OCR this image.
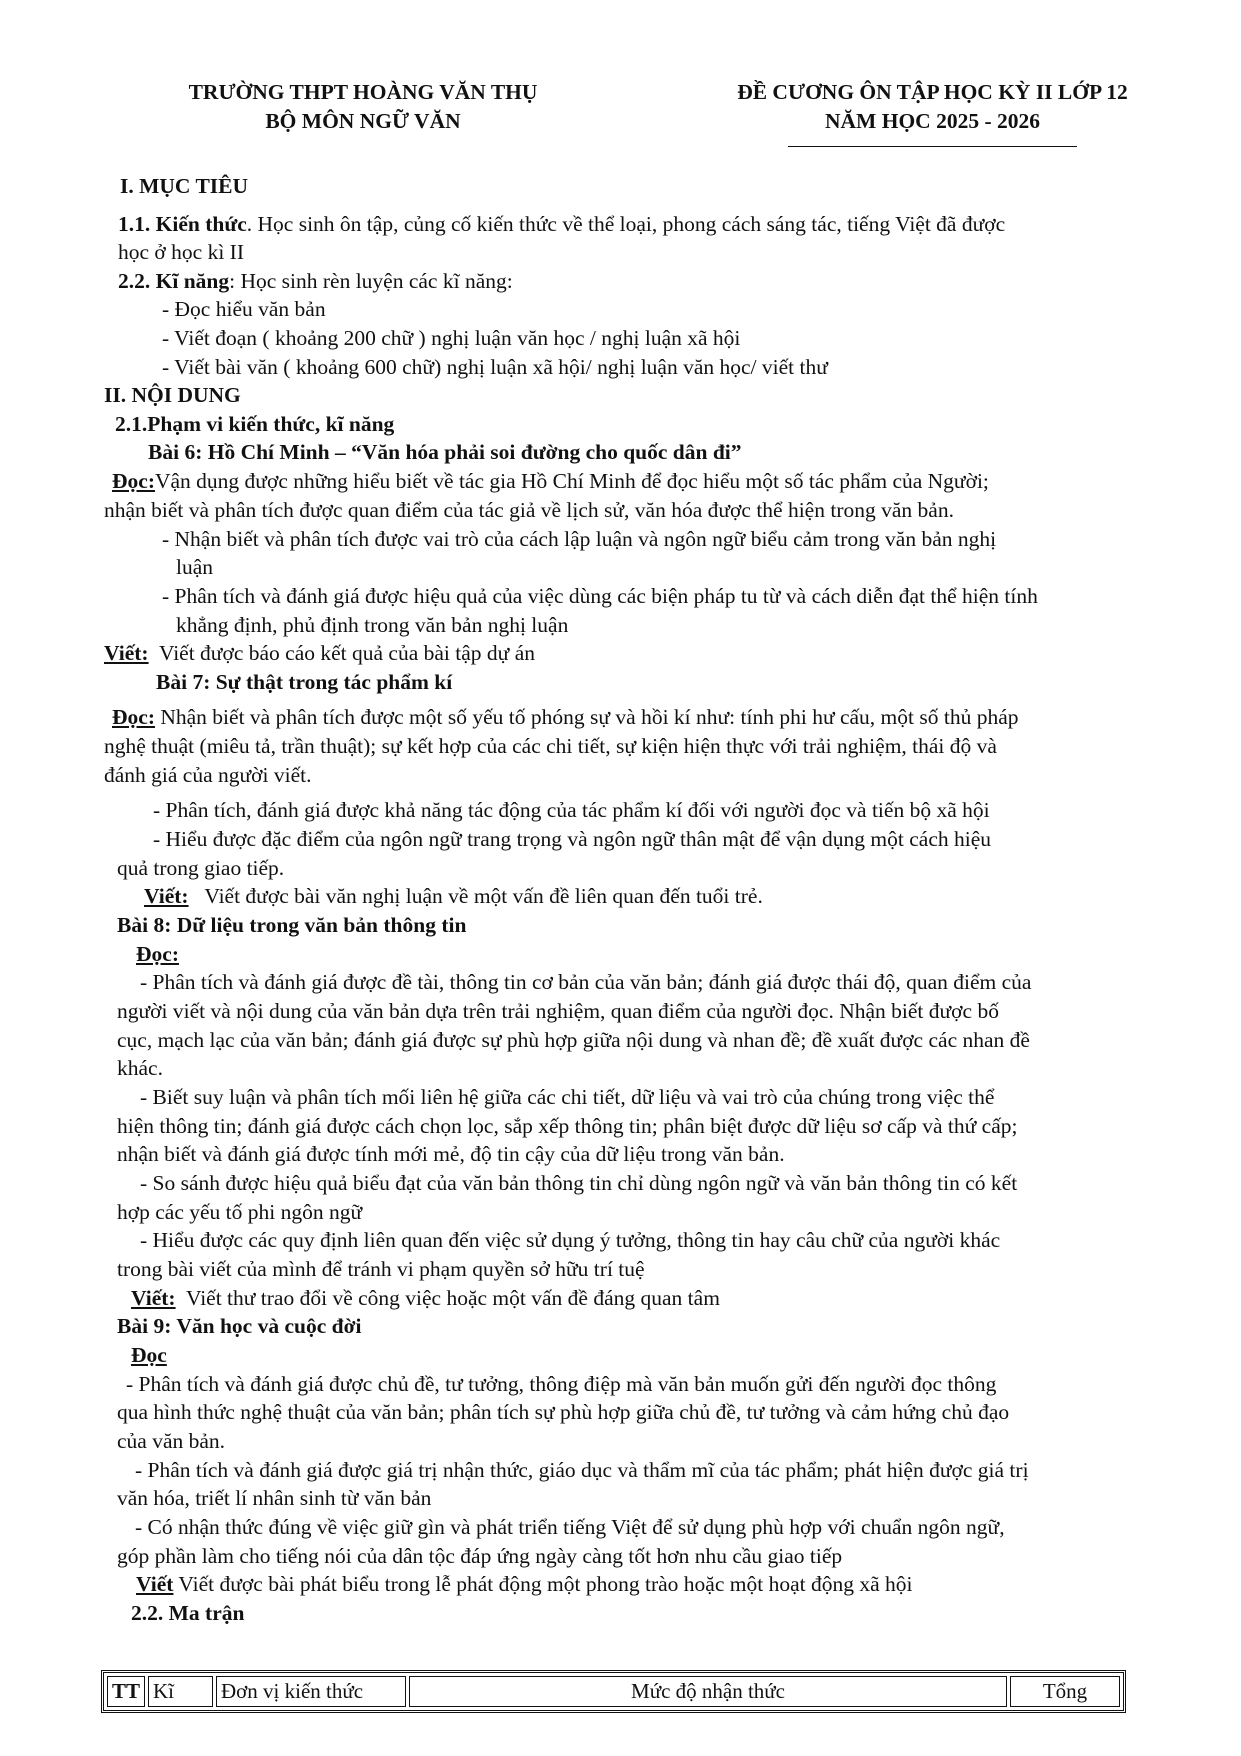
TRƯỜNG THPT HOÀNG VĂN THỤ
BỘ MÔN NGỮ VĂN
ĐỀ CƯƠNG ÔN TẬP HỌC KỲ II LỚP 12
NĂM HỌC 2025 - 2026
I. MỤC TIÊU
1.1. Kiến thức. Học sinh ôn tập, củng cố kiến thức về thể loại, phong cách sáng tác, tiếng Việt đã được
học ở học kì II
2.2. Kĩ năng: Học sinh rèn luyện các kĩ năng:
- Đọc hiểu văn bản
- Viết đoạn ( khoảng 200 chữ ) nghị luận văn học / nghị luận xã hội
- Viết bài văn ( khoảng 600 chữ) nghị luận xã hội/ nghị luận văn học/ viết thư
II. NỘI DUNG
2.1.Phạm vi kiến thức, kĩ năng
Bài 6: Hồ Chí Minh – “Văn hóa phải soi đường cho quốc dân đi”
Đọc:Vận dụng được những hiểu biết về tác gia Hồ Chí Minh để đọc hiểu một số tác phẩm của Người;
nhận biết và phân tích được quan điểm của tác giả về lịch sử, văn hóa được thể hiện trong văn bản.
- Nhận biết và phân tích được vai trò của cách lập luận và ngôn ngữ biểu cảm trong văn bản nghị
luận
- Phân tích và đánh giá được hiệu quả của việc dùng các biện pháp tu từ và cách diễn đạt thể hiện tính
khẳng định, phủ định trong văn bản nghị luận
Viết: Viết được báo cáo kết quả của bài tập dự án
Bài 7: Sự thật trong tác phẩm kí
Đọc: Nhận biết và phân tích được một số yếu tố phóng sự và hồi kí như: tính phi hư cấu, một số thủ pháp
nghệ thuật (miêu tả, trần thuật); sự kết hợp của các chi tiết, sự kiện hiện thực với trải nghiệm, thái độ và
đánh giá của người viết.
- Phân tích, đánh giá được khả năng tác động của tác phẩm kí đối với người đọc và tiến bộ xã hội
- Hiểu được đặc điểm của ngôn ngữ trang trọng và ngôn ngữ thân mật để vận dụng một cách hiệu
quả trong giao tiếp.
Viết: Viết được bài văn nghị luận về một vấn đề liên quan đến tuổi trẻ.
Bài 8: Dữ liệu trong văn bản thông tin
Đọc:
- Phân tích và đánh giá được đề tài, thông tin cơ bản của văn bản; đánh giá được thái độ, quan điểm của
người viết và nội dung của văn bản dựa trên trải nghiệm, quan điểm của người đọc. Nhận biết được bố
cục, mạch lạc của văn bản; đánh giá được sự phù hợp giữa nội dung và nhan đề; đề xuất được các nhan đề
khác.
- Biết suy luận và phân tích mối liên hệ giữa các chi tiết, dữ liệu và vai trò của chúng trong việc thể
hiện thông tin; đánh giá được cách chọn lọc, sắp xếp thông tin; phân biệt được dữ liệu sơ cấp và thứ cấp;
nhận biết và đánh giá được tính mới mẻ, độ tin cậy của dữ liệu trong văn bản.
- So sánh được hiệu quả biểu đạt của văn bản thông tin chỉ dùng ngôn ngữ và văn bản thông tin có kết
hợp các yếu tố phi ngôn ngữ
- Hiểu được các quy định liên quan đến việc sử dụng ý tưởng, thông tin hay câu chữ của người khác
trong bài viết của mình để tránh vi phạm quyền sở hữu trí tuệ
Viết: Viết thư trao đổi về công việc hoặc một vấn đề đáng quan tâm
Bài 9: Văn học và cuộc đời
Đọc
- Phân tích và đánh giá được chủ đề, tư tưởng, thông điệp mà văn bản muốn gửi đến người đọc thông
qua hình thức nghệ thuật của văn bản; phân tích sự phù hợp giữa chủ đề, tư tưởng và cảm hứng chủ đạo
của văn bản.
- Phân tích và đánh giá được giá trị nhận thức, giáo dục và thẩm mĩ của tác phẩm; phát hiện được giá trị
văn hóa, triết lí nhân sinh từ văn bản
- Có nhận thức đúng về việc giữ gìn và phát triển tiếng Việt để sử dụng phù hợp với chuẩn ngôn ngữ,
góp phần làm cho tiếng nói của dân tộc đáp ứng ngày càng tốt hơn nhu cầu giao tiếp
Viết Viết được bài phát biểu trong lễ phát động một phong trào hoặc một hoạt động xã hội
2.2. Ma trận
TT	Kĩ	Đơn vị kiến thức	Mức độ nhận thức	Tổng
